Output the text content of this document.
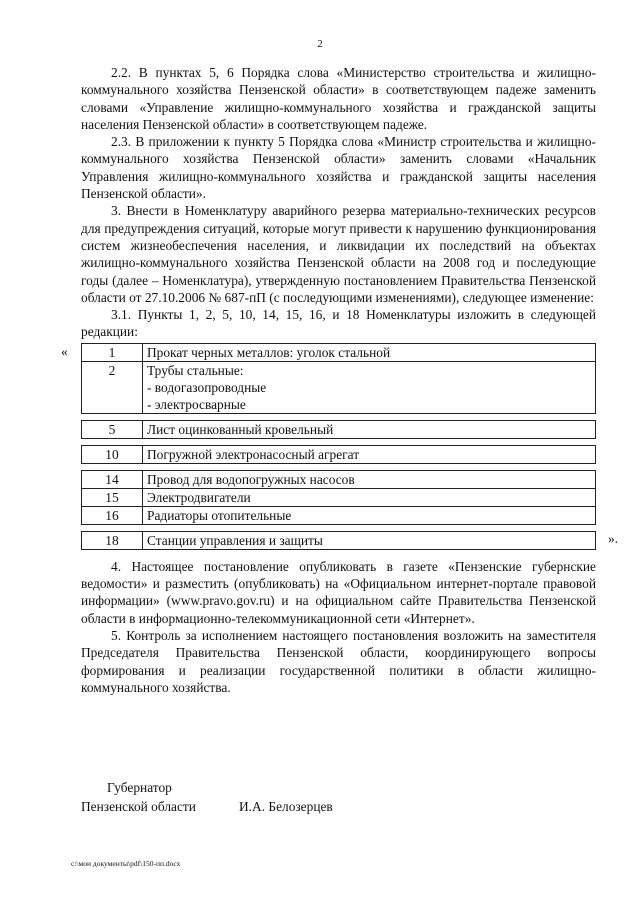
2

2.2. В пунктах 5, 6 Порядка слова «Министерство строительства и жилищно-коммунального хозяйства Пензенской области» в соответствующем падеже заменить словами «Управление жилищно-коммунального хозяйства и гражданской защиты населения Пензенской области» в соответствующем падеже.

2.3. В приложении к пункту 5 Порядка слова «Министр строительства и жилищно-коммунального хозяйства Пензенской области» заменить словами «Начальник Управления жилищно-коммунального хозяйства и гражданской защиты населения Пензенской области».

3. Внести в Номенклатуру аварийного резерва материально-технических ресурсов для предупреждения ситуаций, которые могут привести к нарушению функционирования систем жизнеобеспечения населения, и ликвидации их последствий на объектах жилищно-коммунального хозяйства Пензенской области на 2008 год и последующие годы (далее – Номенклатура), утвержденную постановлением Правительства Пензенской области от 27.10.2006 № 687-пП (с последующими изменениями), следующее изменение:

3.1. Пункты 1, 2, 5, 10, 14, 15, 16, и 18 Номенклатуры изложить в следующей редакции:

«	1	Прокат черных металлов: уголок стальной
2	Трубы стальные:
- водогазопроводные
- электросварные
5	Лист оцинкованный кровельный
10	Погружной электронасосный агрегат
14	Провод для водопогружных насосов
15	Электродвигатели
16	Радиаторы отопительные
18	Станции управления и защиты	».

4. Настоящее постановление опубликовать в газете «Пензенские губернские ведомости» и разместить (опубликовать) на «Официальном интернет-портале правовой информации» (www.pravo.gov.ru) и на официальном сайте Правительства Пензенской области в информационно-телекоммуникационной сети «Интернет».

5. Контроль за исполнением настоящего постановления возложить на заместителя Председателя Правительства Пензенской области, координирующего вопросы формирования и реализации государственной политики в области жилищно-коммунального хозяйства.

Губернатор
Пензенской области	И.А. Белозерцев
c:\мои документы\pdf\150-пп.docx
